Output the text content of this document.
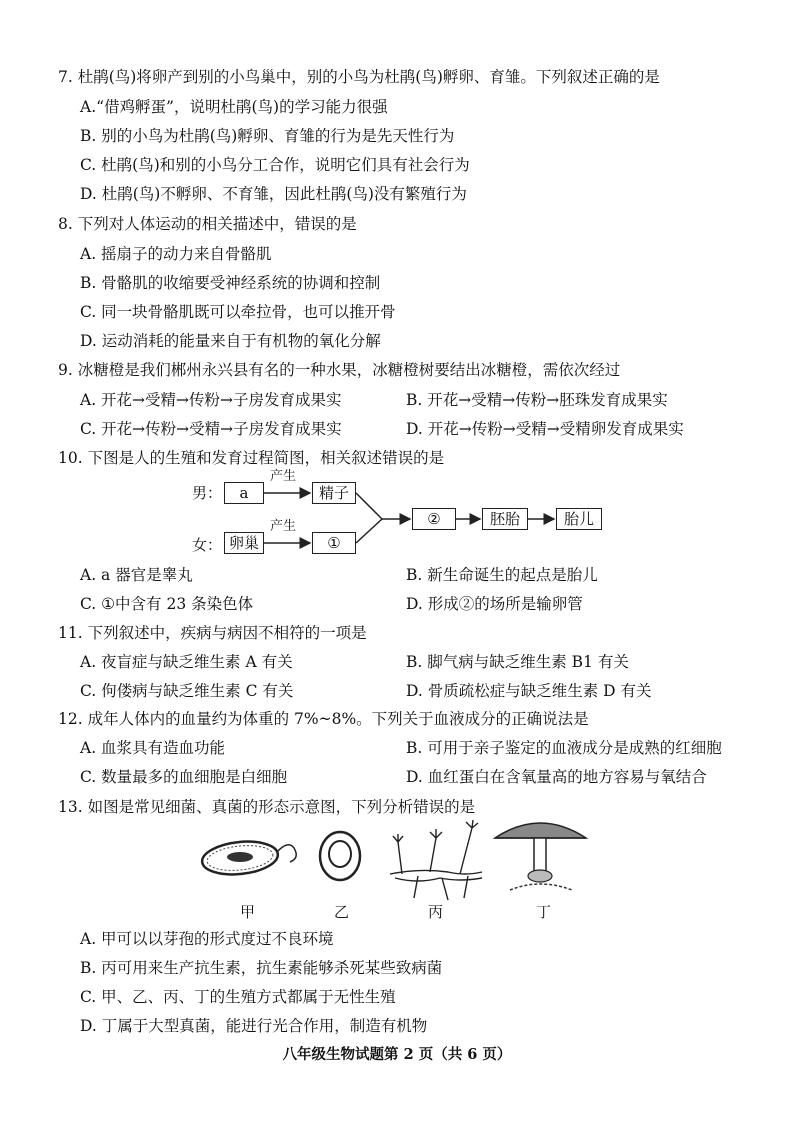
7. 杜鹃(鸟)将卵产到别的小鸟巢中，别的小鸟为杜鹃(鸟)孵卵、育雏。下列叙述正确的是
A.“借鸡孵蛋”，说明杜鹃(鸟)的学习能力很强
B. 别的小鸟为杜鹃(鸟)孵卵、育雏的行为是先天性行为
C. 杜鹃(鸟)和别的小鸟分工合作，说明它们具有社会行为
D. 杜鹃(鸟)不孵卵、不育雏，因此杜鹃(鸟)没有繁殖行为
8. 下列对人体运动的相关描述中，错误的是
A. 摇扇子的动力来自骨骼肌
B. 骨骼肌的收缩要受神经系统的协调和控制
C. 同一块骨骼肌既可以牵拉骨，也可以推开骨
D. 运动消耗的能量来自于有机物的氧化分解
9. 冰糖橙是我们郴州永兴县有名的一种水果，冰糖橙树要结出冰糖橙，需依次经过
A. 开花→受精→传粉→子房发育成果实	B. 开花→受精→传粉→胚珠发育成果实
C. 开花→传粉→受精→子房发育成果实	D. 开花→传粉→受精→受精卵发育成果实
10. 下图是人的生殖和发育过程简图，相关叙述错误的是
男：	a
产生
精子
女： 卵巢
产生
①
②	胚胎	胎儿
A. a 器官是睾丸	B. 新生命诞生的起点是胎儿
C. ①中含有 23 条染色体	D. 形成②的场所是输卵管
11. 下列叙述中，疾病与病因不相符的一项是
A. 夜盲症与缺乏维生素 A 有关	B. 脚气病与缺乏维生素 B1 有关
C. 佝偻病与缺乏维生素 C 有关	D. 骨质疏松症与缺乏维生素 D 有关
12. 成年人体内的血量约为体重的 7%~8%。下列关于血液成分的正确说法是
A. 血浆具有造血功能	B. 可用于亲子鉴定的血液成分是成熟的红细胞
C. 数量最多的血细胞是白细胞	D. 血红蛋白在含氧量高的地方容易与氧结合
13. 如图是常见细菌、真菌的形态示意图，下列分析错误的是
甲	乙	丙	丁
A. 甲可以以芽孢的形式度过不良环境
B. 丙可用来生产抗生素，抗生素能够杀死某些致病菌
C. 甲、乙、丙、丁的生殖方式都属于无性生殖
D. 丁属于大型真菌，能进行光合作用，制造有机物
八年级生物试题第 2 页（共 6 页）
